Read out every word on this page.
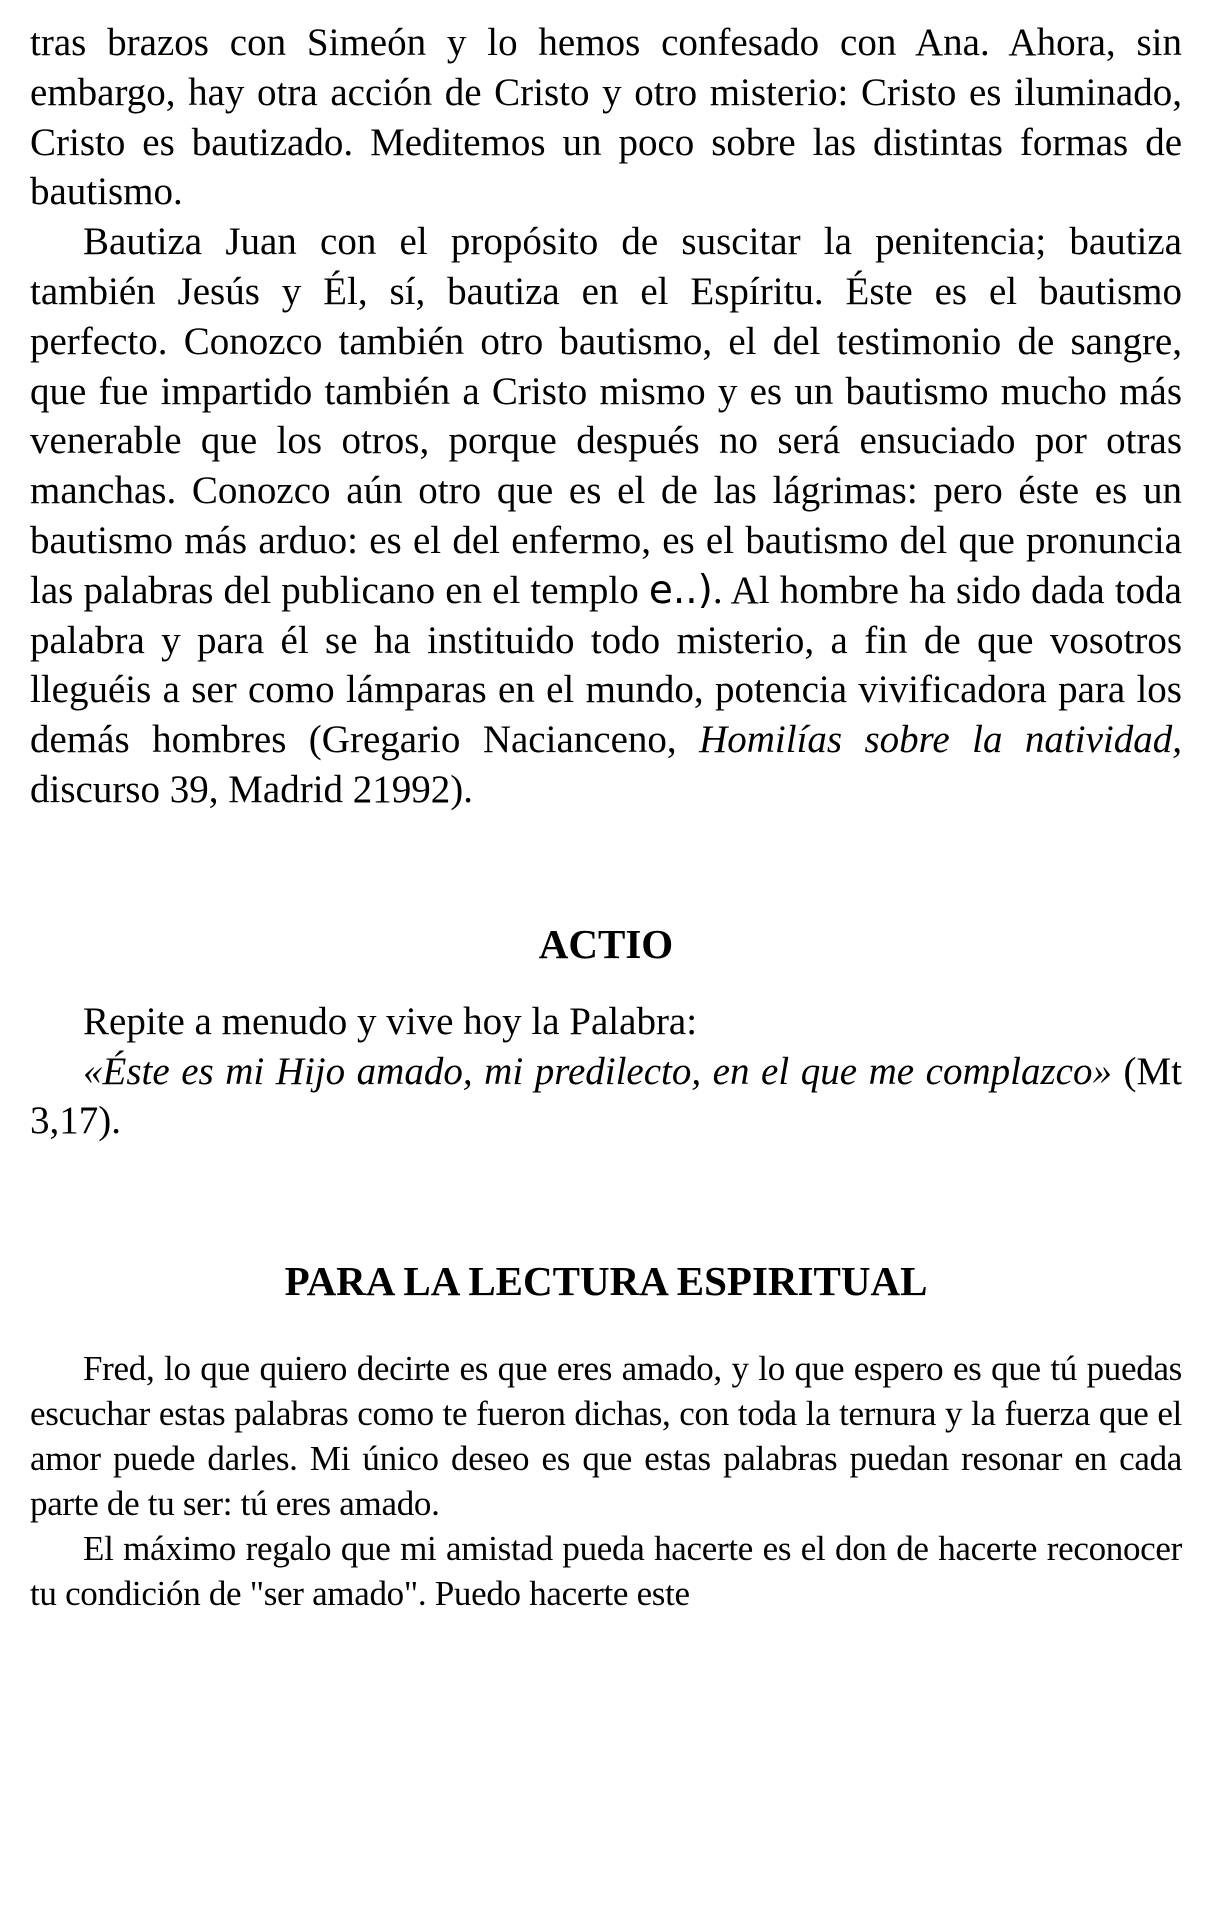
tras brazos con Simeón y lo hemos confesado con Ana. Ahora, sin embargo, hay otra acción de Cristo y otro misterio: Cristo es iluminado, Cristo es bautizado. Meditemos un poco sobre las distintas formas de bautismo.

Bautiza Juan con el propósito de suscitar la penitencia; bautiza también Jesús y Él, sí, bautiza en el Espíritu. Éste es el bautismo perfecto. Conozco también otro bautismo, el del testimonio de sangre, que fue impartido también a Cristo mismo y es un bautismo mucho más venerable que los otros, porque después no será ensuciado por otras manchas. Conozco aún otro que es el de las lágrimas: pero éste es un bautismo más arduo: es el del enfermo, es el bautismo del que pronuncia las palabras del publicano en el templo e..). Al hombre ha sido dada toda palabra y para él se ha instituido todo misterio, a fin de que vosotros lleguéis a ser como lámparas en el mundo, potencia vivificadora para los demás hombres (Gregario Nacianceno, Homilías sobre la natividad, discurso 39, Madrid 21992).

ACTIO

Repite a menudo y vive hoy la Palabra:

«Éste es mi Hijo amado, mi predilecto, en el que me complazco» (Mt 3,17).

PARA LA LECTURA ESPIRITUAL

Fred, lo que quiero decirte es que eres amado, y lo que espero es que tú puedas escuchar estas palabras como te fueron dichas, con toda la ternura y la fuerza que el amor puede darles. Mi único deseo es que estas palabras puedan resonar en cada parte de tu ser: tú eres amado.

El máximo regalo que mi amistad pueda hacerte es el don de hacerte reconocer tu condición de "ser amado". Puedo hacerte este
